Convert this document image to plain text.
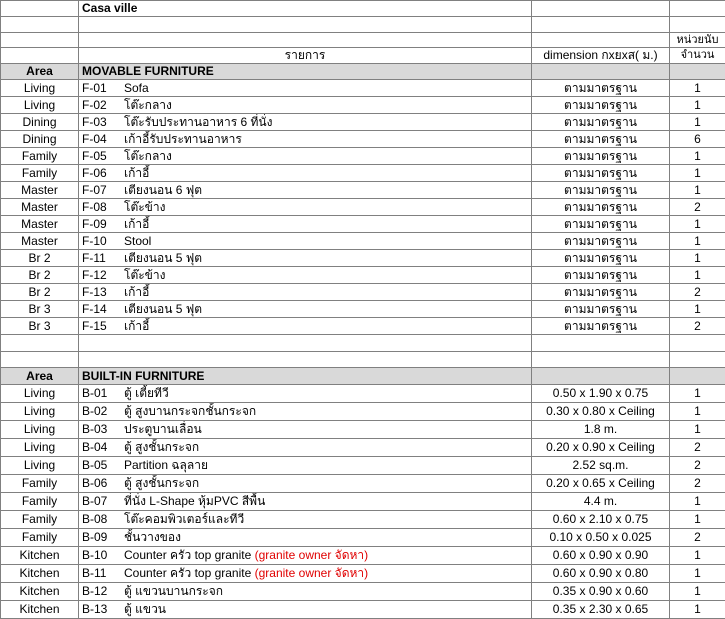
	Casa ville		

			หน่วยนับ
	รายการ	dimension กxยxส( ม.)	จำนวน
Area	MOVABLE FURNITURE		
Living	F-01 Sofa	ตามมาตรฐาน	1
Living	F-02 โต๊ะกลาง	ตามมาตรฐาน	1
Dining	F-03 โต๊ะรับประทานอาหาร 6 ที่นั่ง	ตามมาตรฐาน	1
Dining	F-04 เก้าอี้รับประทานอาหาร	ตามมาตรฐาน	6
Family	F-05 โต๊ะกลาง	ตามมาตรฐาน	1
Family	F-06 เก้าอี้	ตามมาตรฐาน	1
Master	F-07 เตียงนอน 6 ฟุต	ตามมาตรฐาน	1
Master	F-08 โต๊ะข้าง	ตามมาตรฐาน	2
Master	F-09 เก้าอี้	ตามมาตรฐาน	1
Master	F-10 Stool	ตามมาตรฐาน	1
Br 2	F-11 เตียงนอน 5 ฟุต	ตามมาตรฐาน	1
Br 2	F-12 โต๊ะข้าง	ตามมาตรฐาน	1
Br 2	F-13 เก้าอี้	ตามมาตรฐาน	2
Br 3	F-14 เตียงนอน 5 ฟุต	ตามมาตรฐาน	1
Br 3	F-15 เก้าอี้	ตามมาตรฐาน	2

Area	BUILT-IN FURNITURE		
Living	B-01 ตู้ เตี้ยทีวี	0.50 x 1.90 x 0.75	1
Living	B-02 ตู้ สูงบานกระจกชั้นกระจก	0.30 x 0.80 x Ceiling	1
Living	B-03 ประตูบานเลื่อน	1.8 m.	1
Living	B-04 ตู้ สูงชั้นกระจก	0.20 x 0.90 x Ceiling	2
Living	B-05 Partition ฉลุลาย	2.52 sq.m.	2
Family	B-06 ตู้ สูงชั้นกระจก	0.20 x 0.65 x Ceiling	2
Family	B-07 ที่นั่ง L-Shape หุ้มPVC สีพื้น	4.4 m.	1
Family	B-08 โต๊ะคอมพิวเตอร์และทีวี	0.60 x 2.10 x 0.75	1
Family	B-09 ชั้นวางของ	0.10 x 0.50 x 0.025	2
Kitchen	B-10 Counter ครัว top granite (granite owner จัดหา)	0.60 x 0.90 x 0.90	1
Kitchen	B-11 Counter ครัว top granite (granite owner จัดหา)	0.60 x 0.90 x 0.80	1
Kitchen	B-12 ตู้ แขวนบานกระจก	0.35 x 0.90 x 0.60	1
Kitchen	B-13 ตู้ แขวน	0.35 x 2.30 x 0.65	1
